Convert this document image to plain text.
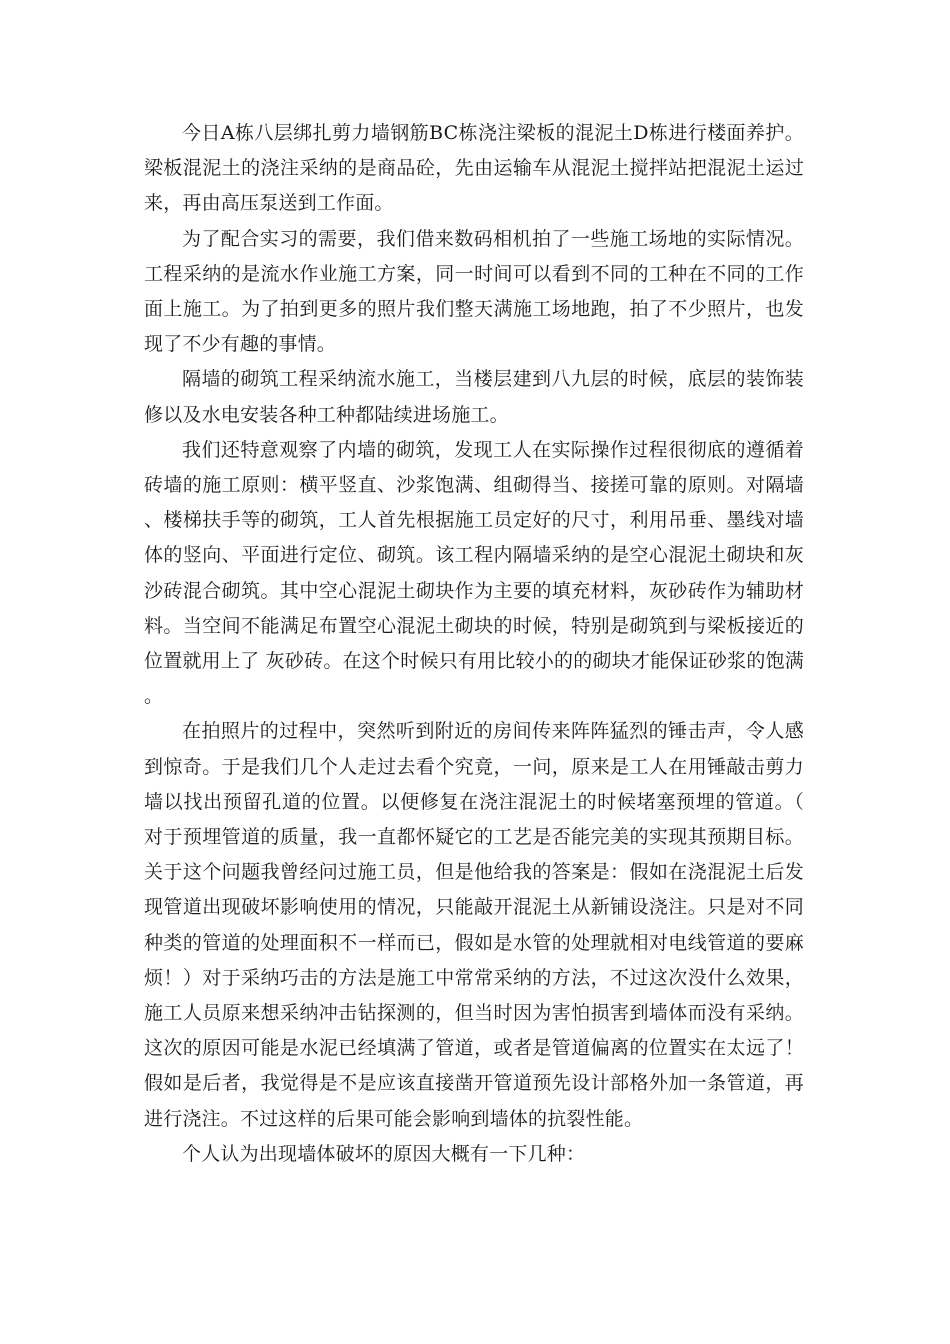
今日A栋八层绑扎剪力墙钢筋BC栋浇注梁板的混泥土D栋进行楼面养护。梁板混泥土的浇注采纳的是商品砼，先由运输车从混泥土搅拌站把混泥土运过来，再由高压泵送到工作面。

为了配合实习的需要，我们借来数码相机拍了一些施工场地的实际情况。工程采纳的是流水作业施工方案，同一时间可以看到不同的工种在不同的工作面上施工。为了拍到更多的照片我们整天满施工场地跑，拍了不少照片，也发现了不少有趣的事情。

隔墙的砌筑工程采纳流水施工，当楼层建到八九层的时候，底层的装饰装修以及水电安装各种工种都陆续进场施工。

我们还特意观察了内墙的砌筑，发现工人在实际操作过程很彻底的遵循着砖墙的施工原则：横平竖直、沙浆饱满、组砌得当、接搓可靠的原则。对隔墙、楼梯扶手等的砌筑，工人首先根据施工员定好的尺寸，利用吊垂、墨线对墙体的竖向、平面进行定位、砌筑。该工程内隔墙采纳的是空心混泥土砌块和灰沙砖混合砌筑。其中空心混泥土砌块作为主要的填充材料，灰砂砖作为辅助材料。当空间不能满足布置空心混泥土砌块的时候，特别是砌筑到与梁板接近的位置就用上了 灰砂砖。在这个时候只有用比较小的的砌块才能保证砂浆的饱满。

在拍照片的过程中，突然听到附近的房间传来阵阵猛烈的锤击声，令人感到惊奇。于是我们几个人走过去看个究竟，一问，原来是工人在用锤敲击剪力墙以找出预留孔道的位置。以便修复在浇注混泥土的时候堵塞预埋的管道。（对于预埋管道的质量，我一直都怀疑它的工艺是否能完美的实现其预期目标。关于这个问题我曾经问过施工员，但是他给我的答案是：假如在浇混泥土后发现管道出现破坏影响使用的情况，只能敲开混泥土从新铺设浇注。只是对不同种类的管道的处理面积不一样而已，假如是水管的处理就相对电线管道的要麻烦！）对于采纳巧击的方法是施工中常常采纳的方法，不过这次没什么效果，施工人员原来想采纳冲击钻探测的，但当时因为害怕损害到墙体而没有采纳。这次的原因可能是水泥已经填满了管道，或者是管道偏离的位置实在太远了！假如是后者，我觉得是不是应该直接凿开管道预先设计部格外加一条管道，再进行浇注。不过这样的后果可能会影响到墙体的抗裂性能。

个人认为出现墙体破坏的原因大概有一下几种：
